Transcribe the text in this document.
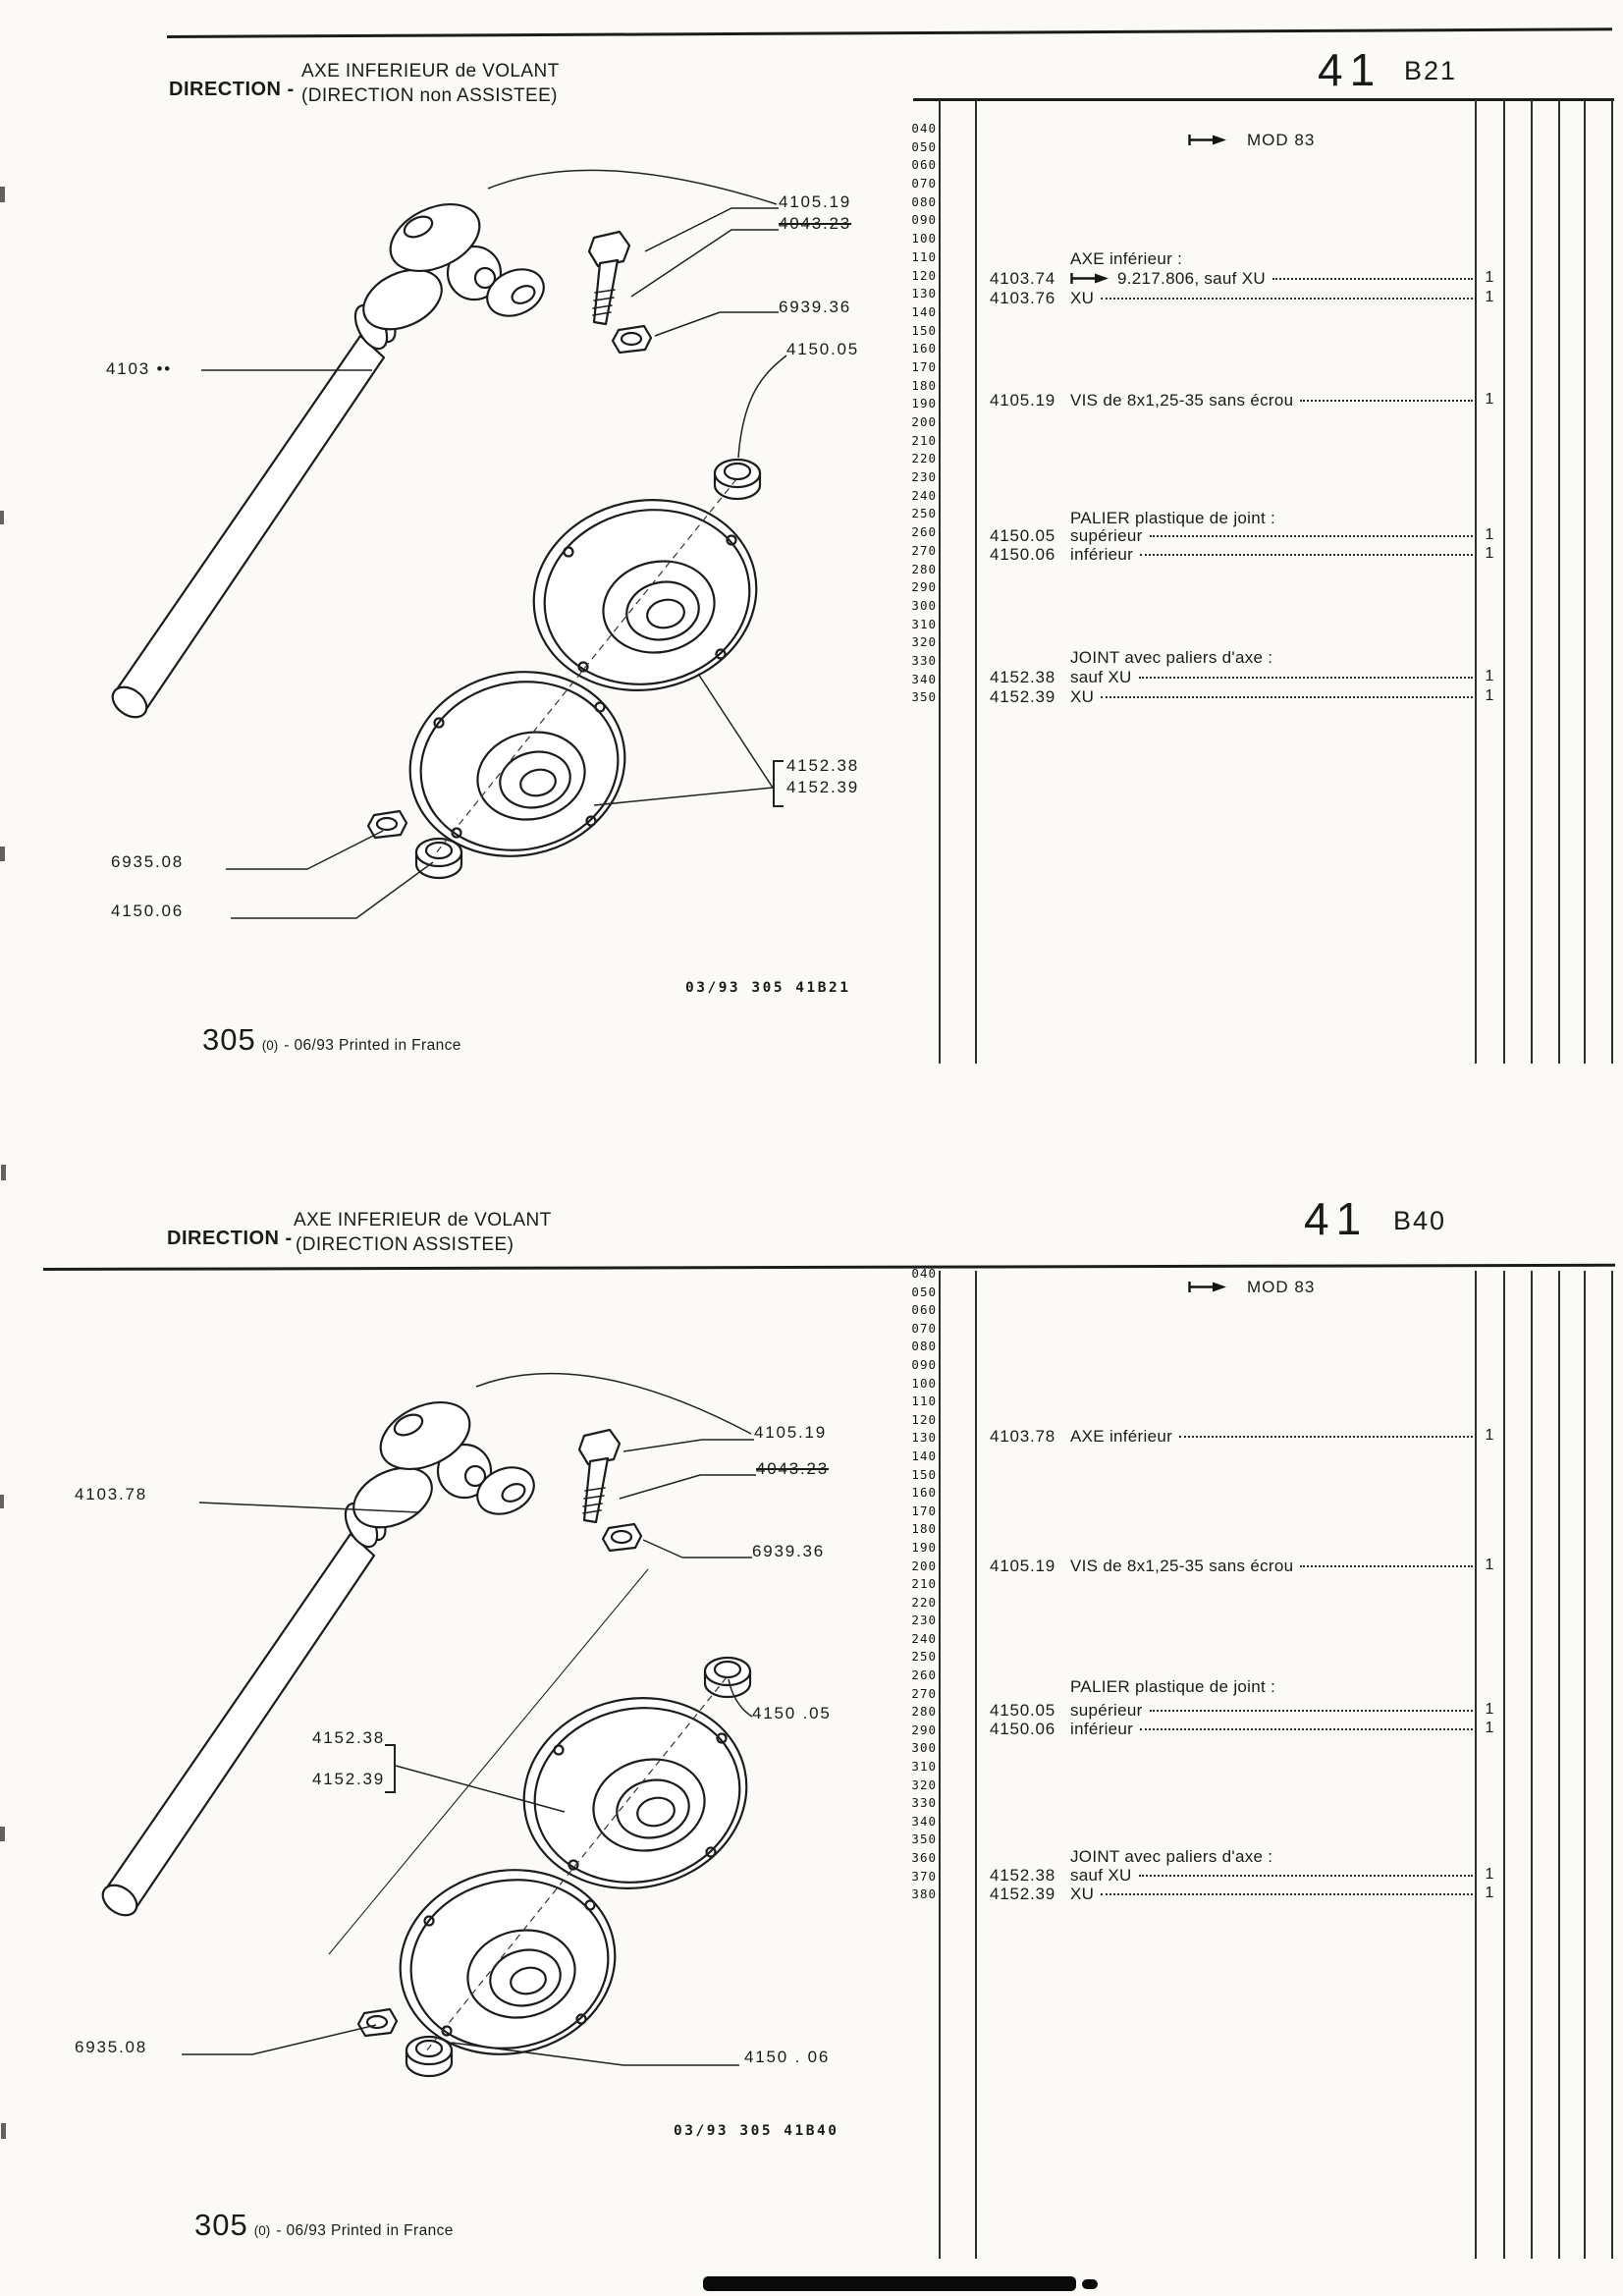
DIRECTION -
AXE INFERIEUR de VOLANT
(DIRECTION non ASSISTEE)
41 B21
040
050
060
070
080
090
100
110
120
130
140
150
160
170
180
190
200
210
220
230
240
250
260
270
280
290
300
310
320
330
340
350
MOD 83
AXE inférieur :
4103.74	9.217.806, sauf XU	1
4103.76 XU	1
4105.19 VIS de 8x1,25-35 sans écrou	1
PALIER plastique de joint :
4150.05 supérieur	1
4150.06 inférieur	1
JOINT avec paliers d'axe :
4152.38 sauf XU	1
4152.39 XU	1
4105.19
4043.23
6939.36
4150.05
4103 ••
4152.38
4152.39
6935.08
4150.06
03/93 305 41B21
305 (0) - 06/93 Printed in France
DIRECTION -
AXE INFERIEUR de VOLANT
(DIRECTION ASSISTEE)
41 B40
040
050
060
070
080
090
100
110
120
130
140
150
160
170
180
190
200
210
220
230
240
250
260
270
280
290
300
310
320
330
340
350
360
370
380
MOD 83
4103.78 AXE inférieur	1
4105.19 VIS de 8x1,25-35 sans écrou	1
PALIER plastique de joint :
4150.05 supérieur	1
4150.06 inférieur	1
JOINT avec paliers d'axe :
4152.38 sauf XU	1
4152.39 XU	1
4105.19
4043.23
6939.36
4103.78
4150 .05
4152.38
4152.39
6935.08
4150 . 06
03/93 305 41B40
305 (0) - 06/93 Printed in France
